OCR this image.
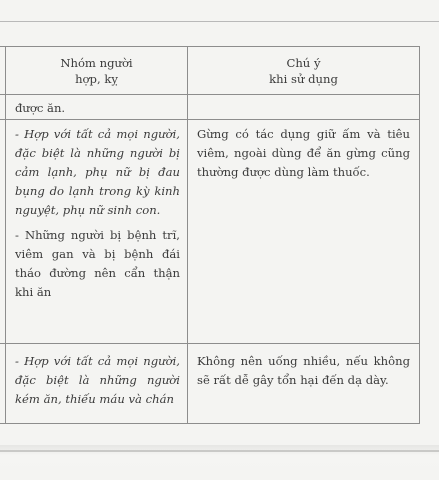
Nhóm người
hợp, kỵ
Chú ý
khi sử dụng
được ăn.

- Hợp với tất cả mọi người, đặc biệt là những người bị cảm lạnh, phụ nữ bị đau bụng do lạnh trong kỳ kinh nguyệt, phụ nữ sinh con.

- Những người bị bệnh trĩ, viêm gan và bị bệnh đái tháo đường nên cẩn thận khi ăn

Gừng có tác dụng giữ ấm và tiêu viêm, ngoài dùng để ăn gừng cũng thường được dùng làm thuốc.
- Hợp với tất cả mọi người, đặc biệt là những người kém ăn, thiếu máu và chán
Không nên uống nhiều, nếu không sẽ rất dễ gây tổn hại đến dạ dày.
